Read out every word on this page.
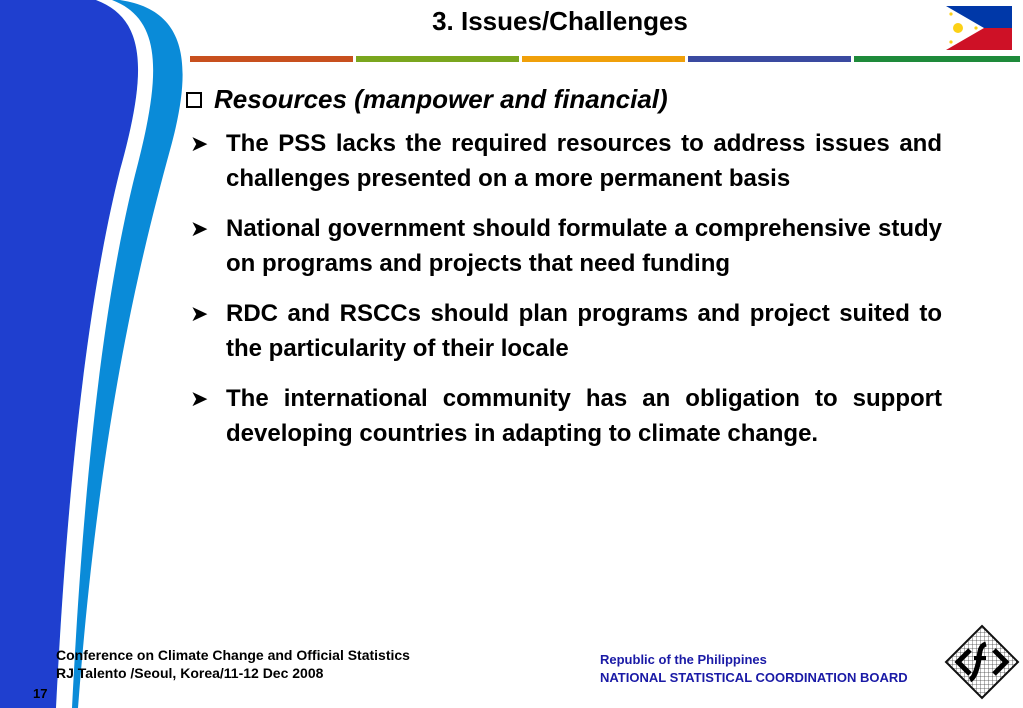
3. Issues/Challenges
Resources (manpower and financial)
➤ The PSS lacks the required resources to address issues and challenges presented on a more permanent basis
➤ National government should formulate a comprehensive study on programs and projects that need funding
➤ RDC and RSCCs should plan programs and project suited to the particularity of their locale
➤ The international community has an obligation to support developing countries in adapting to climate change.
Conference on Climate Change and Official Statistics
RJ Talento /Seoul, Korea/11-12 Dec 2008
17
Republic of the Philippines
NATIONAL STATISTICAL COORDINATION BOARD
